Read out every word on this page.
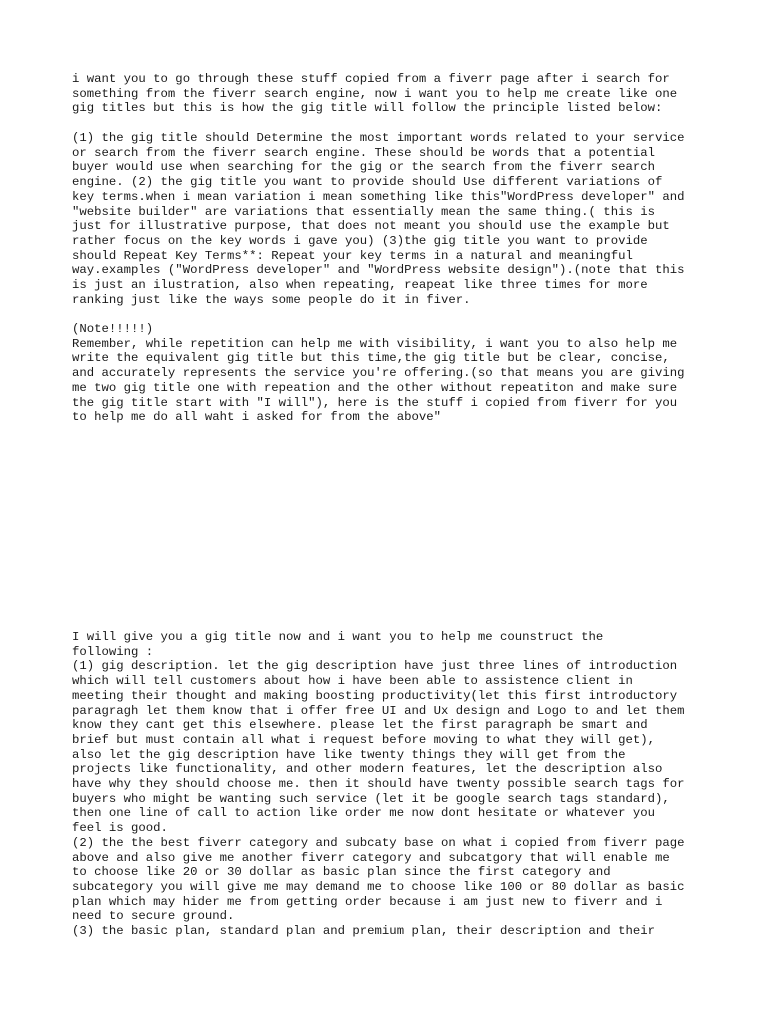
i want you to go through these stuff copied from a fiverr page after i search for
something from the fiverr search engine, now i want you to help me create like one
gig titles but this is how the gig title will follow the principle listed below:
(1) the gig title should Determine the most important words related to your service
or search from the fiverr search engine. These should be words that a potential
buyer would use when searching for the gig or the search from the fiverr search
engine. (2) the gig title you want to provide should Use different variations of
key terms.when i mean variation i mean something like this"WordPress developer" and
"website builder" are variations that essentially mean the same thing.( this is
just for illustrative purpose, that does not meant you should use the example but
rather focus on the key words i gave you) (3)the gig title you want to provide
should Repeat Key Terms**: Repeat your key terms in a natural and meaningful
way.examples ("WordPress developer" and "WordPress website design").(note that this
is just an ilustration, also when repeating, reapeat like three times for more
ranking just like the ways some people do it in fiver.
(Note!!!!!)
Remember, while repetition can help me with visibility, i want you to also help me
write the equivalent gig title but this time,the gig title but be clear, concise,
and accurately represents the service you're offering.(so that means you are giving
me two gig title one with repeation and the other without repeatiton and make sure
the gig title start with "I will"), here is the stuff i copied from fiverr for you
to help me do all waht i asked for from the above"
I will give you a gig title now and i want you to help me counstruct the
following :
(1) gig description. let the gig description have just three lines of introduction
which will tell customers about how i have been able to assistence client in
meeting their thought and making boosting productivity(let this first introductory
paragragh let them know that i offer free UI and Ux design and Logo to and let them
know they cant get this elsewhere. please let the first paragraph be smart and
brief but must contain all what i request before moving to what they will get),
also let the gig description have like twenty things they will get from the
projects like functionality, and other modern features, let the description also
have why they should choose me. then it should have twenty possible search tags for
buyers who might be wanting such service (let it be google search tags standard),
then one line of call to action like order me now dont hesitate or whatever you
feel is good.
(2) the the best fiverr category and subcaty base on what i copied from fiverr page
above and also give me another fiverr category and subcatgory that will enable me
to choose like 20 or 30 dollar as basic plan since the first category and
subcategory you will give me may demand me to choose like 100 or 80 dollar as basic
plan which may hider me from getting order because i am just new to fiverr and i
need to secure ground.
(3) the basic plan, standard plan and premium plan, their description and their
